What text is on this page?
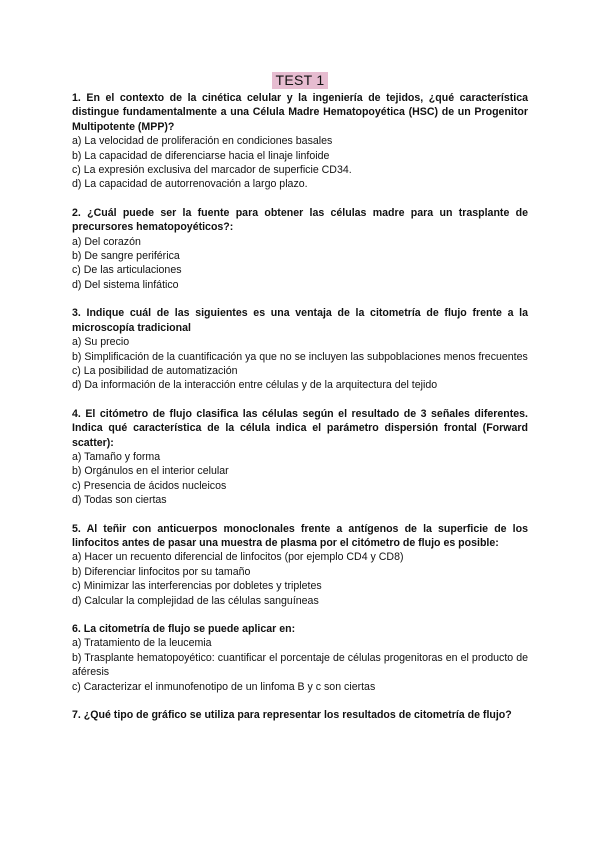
TEST 1

1. En el contexto de la cinética celular y la ingeniería de tejidos, ¿qué característica distingue fundamentalmente a una Célula Madre Hematopoyética (HSC) de un Progenitor Multipotente (MPP)?

a) La velocidad de proliferación en condiciones basales

b) La capacidad de diferenciarse hacia el linaje linfoide

c) La expresión exclusiva del marcador de superficie CD34.

d) La capacidad de autorrenovación a largo plazo.

2. ¿Cuál puede ser la fuente para obtener las células madre para un trasplante de precursores hematopoyéticos?:

a) Del corazón

b) De sangre periférica

c) De las articulaciones

d) Del sistema linfático

3. Indique cuál de las siguientes es una ventaja de la citometría de flujo frente a la microscopía tradicional

a) Su precio

b) Simplificación de la cuantificación ya que no se incluyen las subpoblaciones menos frecuentes

c) La posibilidad de automatización

d) Da información de la interacción entre células y de la arquitectura del tejido

4. El citómetro de flujo clasifica las células según el resultado de 3 señales diferentes. Indica qué característica de la célula indica el parámetro dispersión frontal (Forward scatter):

a) Tamaño y forma

b) Orgánulos en el interior celular

c) Presencia de ácidos nucleicos

d) Todas son ciertas

5. Al teñir con anticuerpos monoclonales frente a antígenos de la superficie de los linfocitos antes de pasar una muestra de plasma por el citómetro de flujo es posible:

a) Hacer un recuento diferencial de linfocitos (por ejemplo CD4 y CD8)

b) Diferenciar linfocitos por su tamaño

c) Minimizar las interferencias por dobletes y tripletes

d) Calcular la complejidad de las células sanguíneas

6. La citometría de flujo se puede aplicar en:

a) Tratamiento de la leucemia

b) Trasplante hematopoyético: cuantificar el porcentaje de células progenitoras en el producto de aféresis

c) Caracterizar el inmunofenotipo de un linfoma B y c son ciertas

7. ¿Qué tipo de gráfico se utiliza para representar los resultados de citometría de flujo?
